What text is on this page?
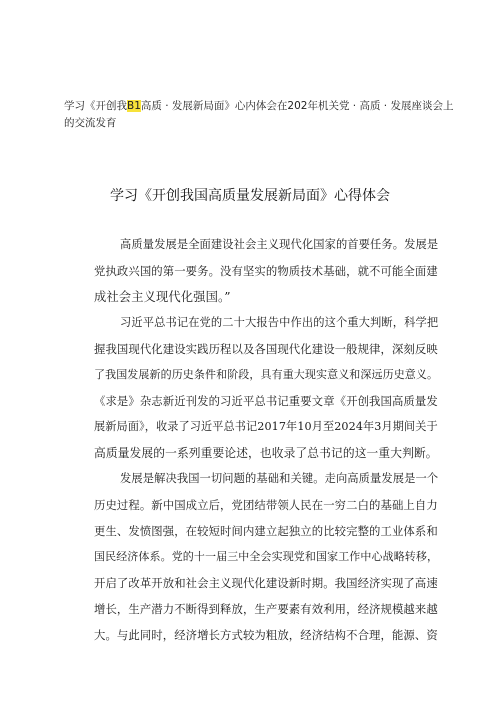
学习《开创我B1高质 · 发展新局面》心内体会在202年机关党 · 高质 · 发展座谈会上
的交流发育
学习《开创我国高质量发展新局面》心得体会
高质量发展是全面建设社会主义现代化国家的首要任务。发展是
党执政兴国的第一要务。没有坚实的物质技术基础，就不可能全面建
成社会主义现代化强国。”
习近平总书记在党的二十大报告中作出的这个重大判断，科学把
握我国现代化建设实践历程以及各国现代化建设一般规律，深刻反映
了我国发展新的历史条件和阶段，具有重大现实意义和深远历史意义。
《求是》杂志新近刊发的习近平总书记重要文章《开创我国高质量发
展新局面》，收录了习近平总书记2017年10月至2024年3月期间关于
高质量发展的一系列重要论述，也收录了总书记的这一重大判断。
发展是解决我国一切问题的基础和关键。走向高质量发展是一个
历史过程。新中国成立后，党团结带领人民在一穷二白的基础上自力
更生、发愤图强，在较短时间内建立起独立的比较完整的工业体系和
国民经济体系。党的十一届三中全会实现党和国家工作中心战略转移，
开启了改革开放和社会主义现代化建设新时期。我国经济实现了高速
增长，生产潜力不断得到释放，生产要素有效利用，经济规模越来越
大。与此同时，经济增长方式较为粗放，经济结构不合理，能源、资
